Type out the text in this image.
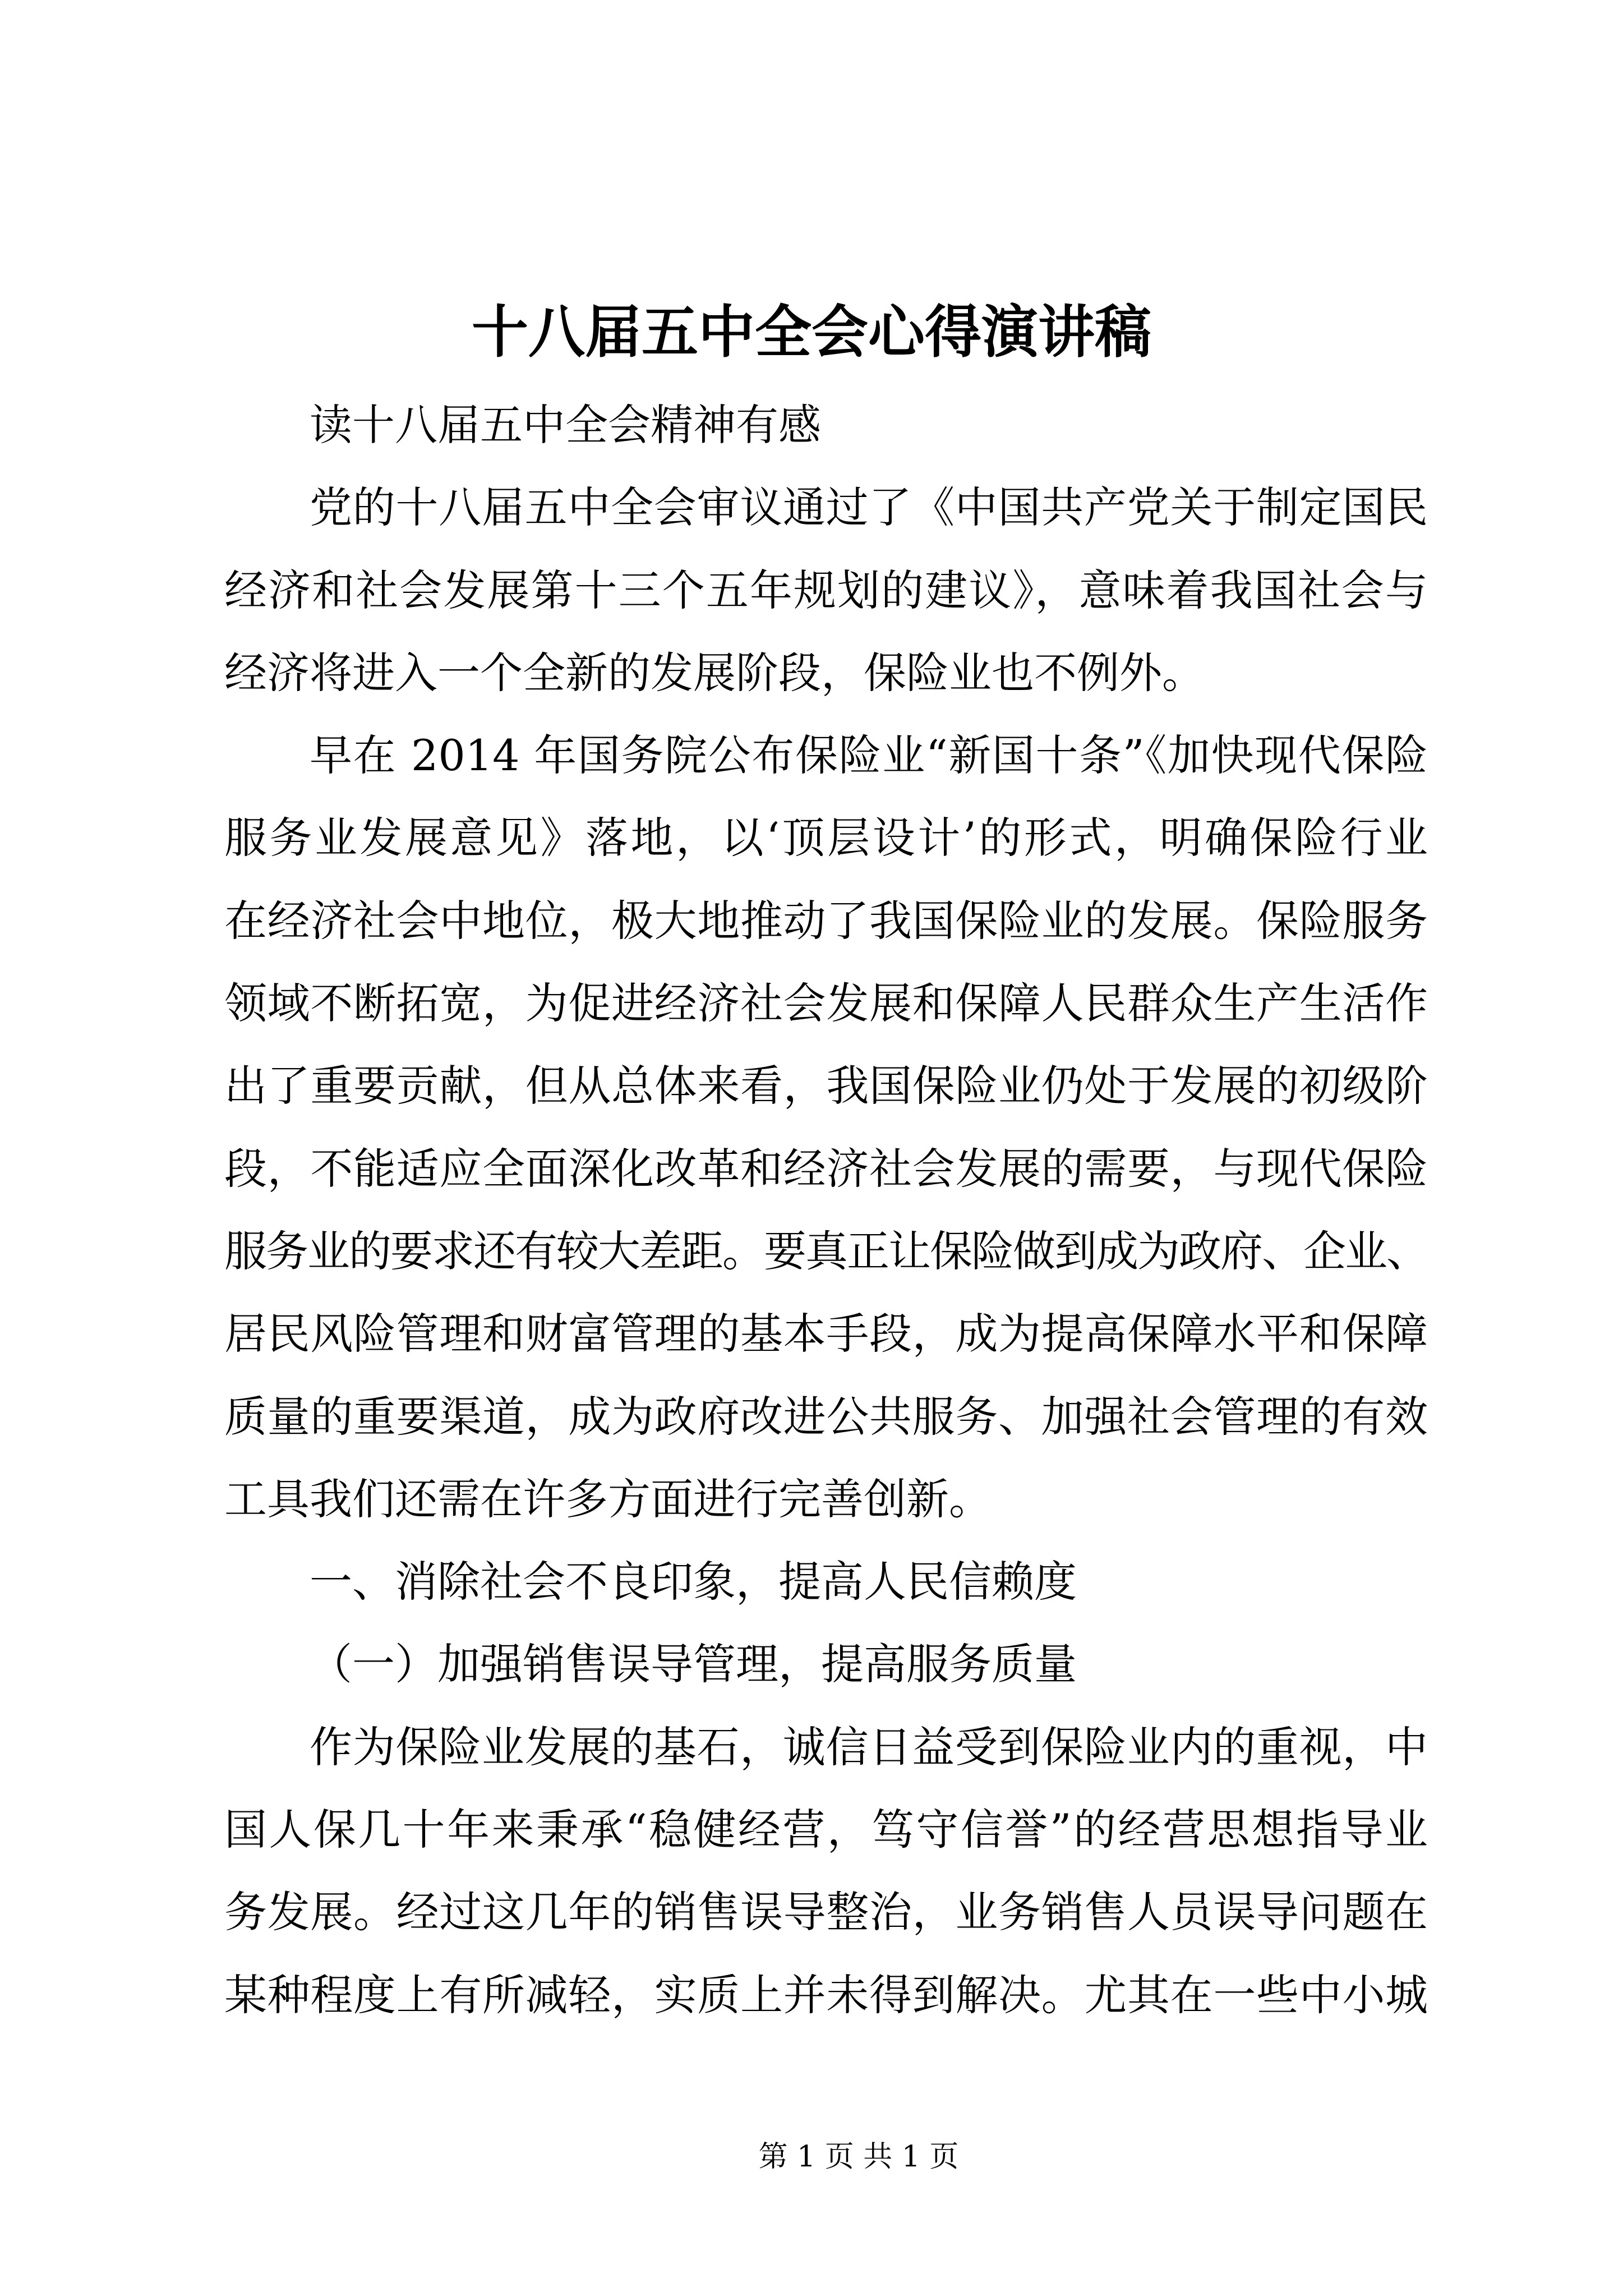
十八届五中全会心得演讲稿
读十八届五中全会精神有感
党的十八届五中全会审议通过了《中国共产党关于制定国民
经济和社会发展第十三个五年规划的建议》，意味着我国社会与
经济将进入一个全新的发展阶段，保险业也不例外。
早在 2014 年国务院公布保险业“新国十条”《加快现代保险
服务业发展意见》落地，以‘顶层设计’的形式，明确保险行业
在经济社会中地位，极大地推动了我国保险业的发展。保险服务
领域不断拓宽，为促进经济社会发展和保障人民群众生产生活作
出了重要贡献，但从总体来看，我国保险业仍处于发展的初级阶
段，不能适应全面深化改革和经济社会发展的需要，与现代保险
服务业的要求还有较大差距。要真正让保险做到成为政府、企业、
居民风险管理和财富管理的基本手段，成为提高保障水平和保障
质量的重要渠道，成为政府改进公共服务、加强社会管理的有效
工具我们还需在许多方面进行完善创新。
一、消除社会不良印象，提高人民信赖度
（一）加强销售误导管理，提高服务质量
作为保险业发展的基石，诚信日益受到保险业内的重视，中
国人保几十年来秉承“稳健经营，笃守信誉”的经营思想指导业
务发展。经过这几年的销售误导整治，业务销售人员误导问题在
某种程度上有所减轻，实质上并未得到解决。尤其在一些中小城
第 1 页 共 1 页
